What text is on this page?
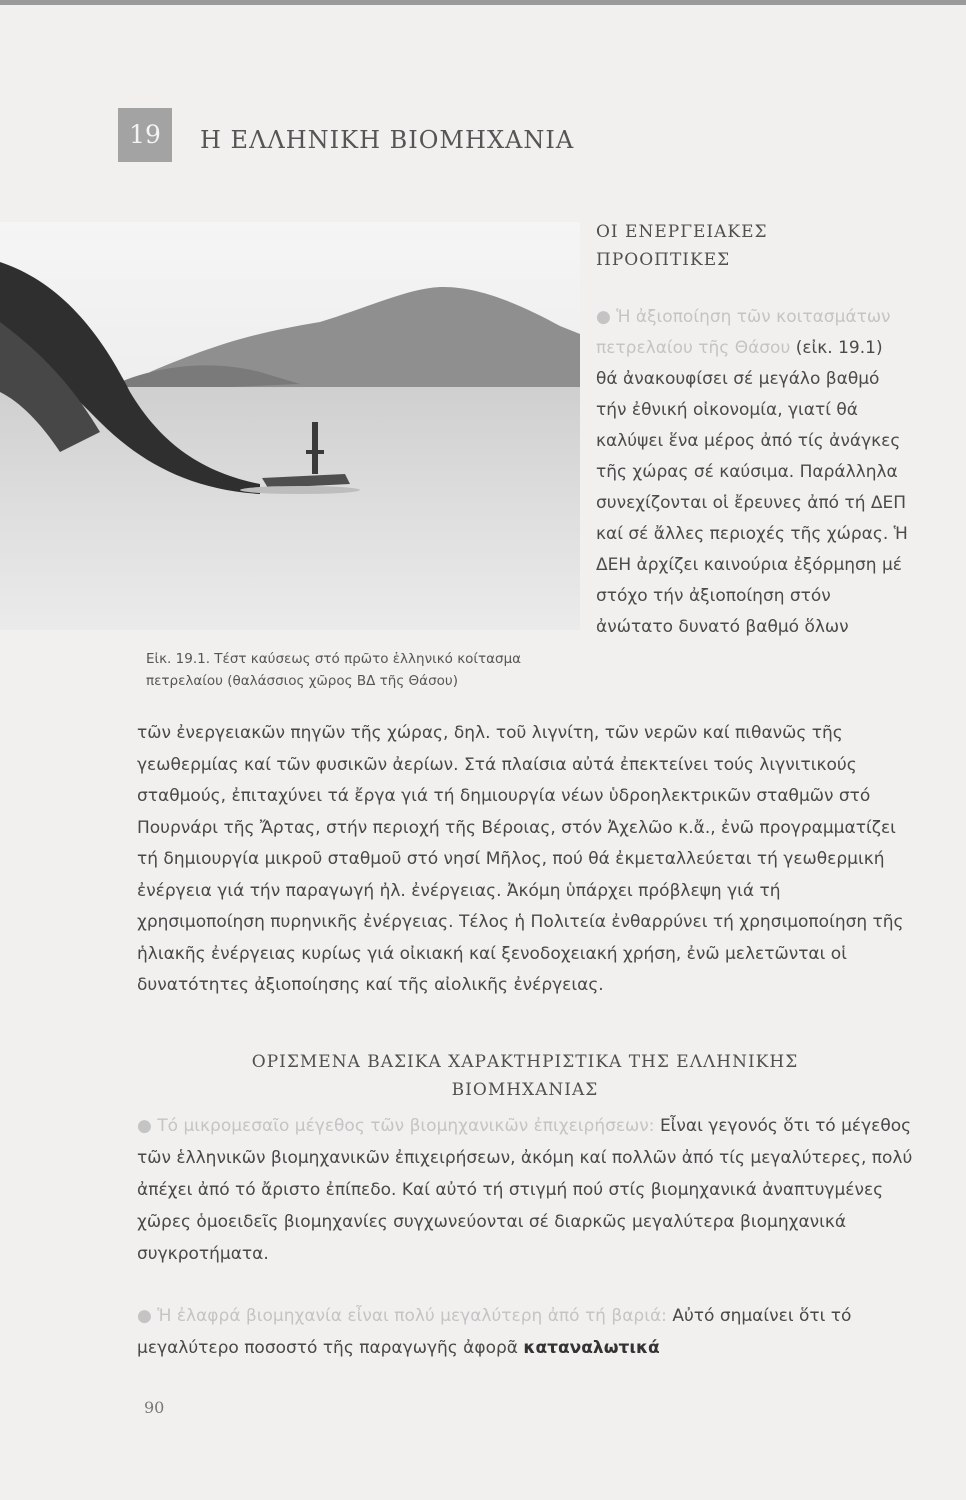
19	Η ΕΛΛΗΝΙΚΗ ΒΙΟΜΗΧΑΝΙΑ
ΟΙ ΕΝΕΡΓΕΙΑΚΕΣ
ΠΡΟΟΠΤΙΚΕΣ
Εἰκ. 19.1. Τέστ καύσεως στό πρῶτο ἑλληνικό κοίτασμα πετρελαίου (θαλάσσιος χῶρος ΒΔ τῆς Θάσου)
● Ἡ ἀξιοποίηση τῶν κοιτασμάτων πετρελαίου τῆς Θάσου (εἰκ. 19.1) θά ἀνακουφίσει σέ μεγάλο βαθμό τήν ἐθνική οἰκονομία, γιατί θά καλύψει ἕνα μέρος ἀπό τίς ἀνάγκες τῆς χώρας σέ καύσιμα. Παράλληλα συνεχίζονται οἱ ἔρευνες ἀπό τή ΔΕΠ καί σέ ἄλλες περιοχές τῆς χώρας. Ἡ ΔΕΗ ἀρχίζει καινούρια ἐξόρμηση μέ στόχο τήν ἀξιοποίηση στόν ἀνώτατο δυνατό βαθμό ὅλων
τῶν ἐνεργειακῶν πηγῶν τῆς χώρας, δηλ. τοῦ λιγνίτη, τῶν νερῶν καί πιθανῶς τῆς γεωθερμίας καί τῶν φυσικῶν ἀερίων. Στά πλαίσια αὐτά ἐπεκτείνει τούς λιγνιτικούς σταθμούς, ἐπιταχύνει τά ἔργα γιά τή δημιουργία νέων ὑδροηλεκτρικῶν σταθμῶν στό Πουρνάρι τῆς Ἄρτας, στήν περιοχή τῆς Βέροιας, στόν Ἀχελῶο κ.ἄ., ἐνῶ προγραμματίζει τή δημιουργία μικροῦ σταθμοῦ στό νησί Μῆλος, πού θά ἐκμεταλλεύεται τή γεωθερμική ἐνέργεια γιά τήν παραγωγή ἠλ. ἐνέργειας. Ἀκόμη ὑπάρχει πρόβλεψη γιά τή χρησιμοποίηση πυρηνικῆς ἐνέργειας. Τέλος ἡ Πολιτεία ἐνθαρρύνει τή χρησιμοποίηση τῆς ἡλιακῆς ἐνέργειας κυρίως γιά οἰκιακή καί ξενοδοχειακή χρήση, ἐνῶ μελετῶνται οἱ δυνατότητες ἀξιοποίησης καί τῆς αἰολικῆς ἐνέργειας.
ΟΡΙΣΜΕΝΑ ΒΑΣΙΚΑ ΧΑΡΑΚΤΗΡΙΣΤΙΚΑ ΤΗΣ ΕΛΛΗΝΙΚΗΣ
ΒΙΟΜΗΧΑΝΙΑΣ
● Τό μικρομεσαῖο μέγεθος τῶν βιομηχανικῶν ἐπιχειρήσεων: Εἶναι γεγονός ὅτι τό μέγεθος τῶν ἑλληνικῶν βιομηχανικῶν ἐπιχειρήσεων, ἀκόμη καί πολλῶν ἀπό τίς μεγαλύτερες, πολύ ἀπέχει ἀπό τό ἄριστο ἐπίπεδο. Καί αὐτό τή στιγμή πού στίς βιομηχανικά ἀναπτυγμένες χῶρες ὁμοειδεῖς βιομηχανίες συγχωνεύονται σέ διαρκῶς μεγαλύτερα βιομηχανικά συγκροτήματα.
● Ἡ ἐλαφρά βιομηχανία εἶναι πολύ μεγαλύτερη ἀπό τή βαριά: Αὐτό σημαίνει ὅτι τό μεγαλύτερο ποσοστό τῆς παραγωγῆς ἀφορᾶ καταναλωτικά
90
